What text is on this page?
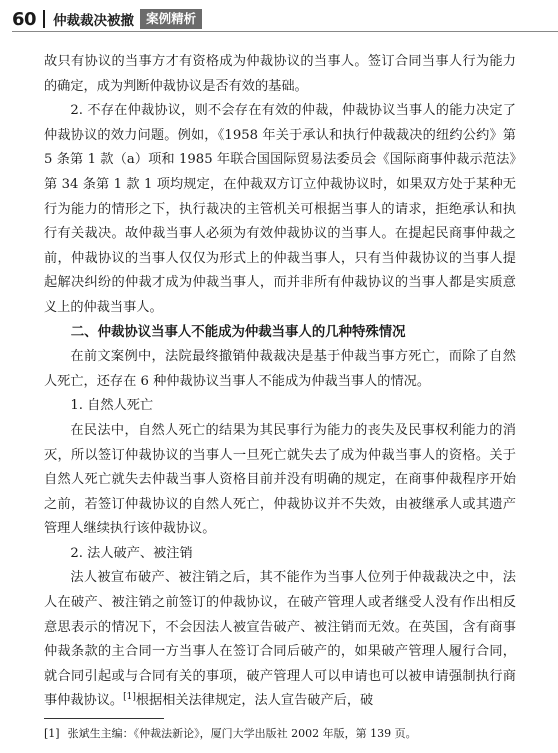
60 仲裁裁决被撤 案例精析

故只有协议的当事方才有资格成为仲裁协议的当事人。签订合同当事人行为能力的确定，成为判断仲裁协议是否有效的基础。

2. 不存在仲裁协议，则不会存在有效的仲裁，仲裁协议当事人的能力决定了仲裁协议的效力问题。例如，《1958 年关于承认和执行仲裁裁决的纽约公约》第 5 条第 1 款（a）项和 1985 年联合国国际贸易法委员会《国际商事仲裁示范法》第 34 条第 1 款 1 项均规定，在仲裁双方订立仲裁协议时，如果双方处于某种无行为能力的情形之下，执行裁决的主管机关可根据当事人的请求，拒绝承认和执行有关裁决。故仲裁当事人必须为有效仲裁协议的当事人。在提起民商事仲裁之前，仲裁协议的当事人仅仅为形式上的仲裁当事人，只有当仲裁协议的当事人提起解决纠纷的仲裁才成为仲裁当事人，而并非所有仲裁协议的当事人都是实质意义上的仲裁当事人。

二、仲裁协议当事人不能成为仲裁当事人的几种特殊情况

在前文案例中，法院最终撤销仲裁裁决是基于仲裁当事方死亡，而除了自然人死亡，还存在 6 种仲裁协议当事人不能成为仲裁当事人的情况。

1. 自然人死亡

在民法中，自然人死亡的结果为其民事行为能力的丧失及民事权利能力的消灭，所以签订仲裁协议的当事人一旦死亡就失去了成为仲裁当事人的资格。关于自然人死亡就失去仲裁当事人资格目前并没有明确的规定，在商事仲裁程序开始之前，若签订仲裁协议的自然人死亡，仲裁协议并不失效，由被继承人或其遗产管理人继续执行该仲裁协议。

2. 法人破产、被注销

法人被宣布破产、被注销之后，其不能作为当事人位列于仲裁裁决之中，法人在破产、被注销之前签订的仲裁协议，在破产管理人或者继受人没有作出相反意思表示的情况下，不会因法人被宣告破产、被注销而无效。在英国，含有商事仲裁条款的主合同一方当事人在签订合同后破产的，如果破产管理人履行合同，就合同引起或与合同有关的事项，破产管理人可以申请也可以被申请强制执行商事仲裁协议。[1]根据相关法律规定，法人宣告破产后，破

[1] 张斌生主编：《仲裁法新论》，厦门大学出版社 2002 年版，第 139 页。
